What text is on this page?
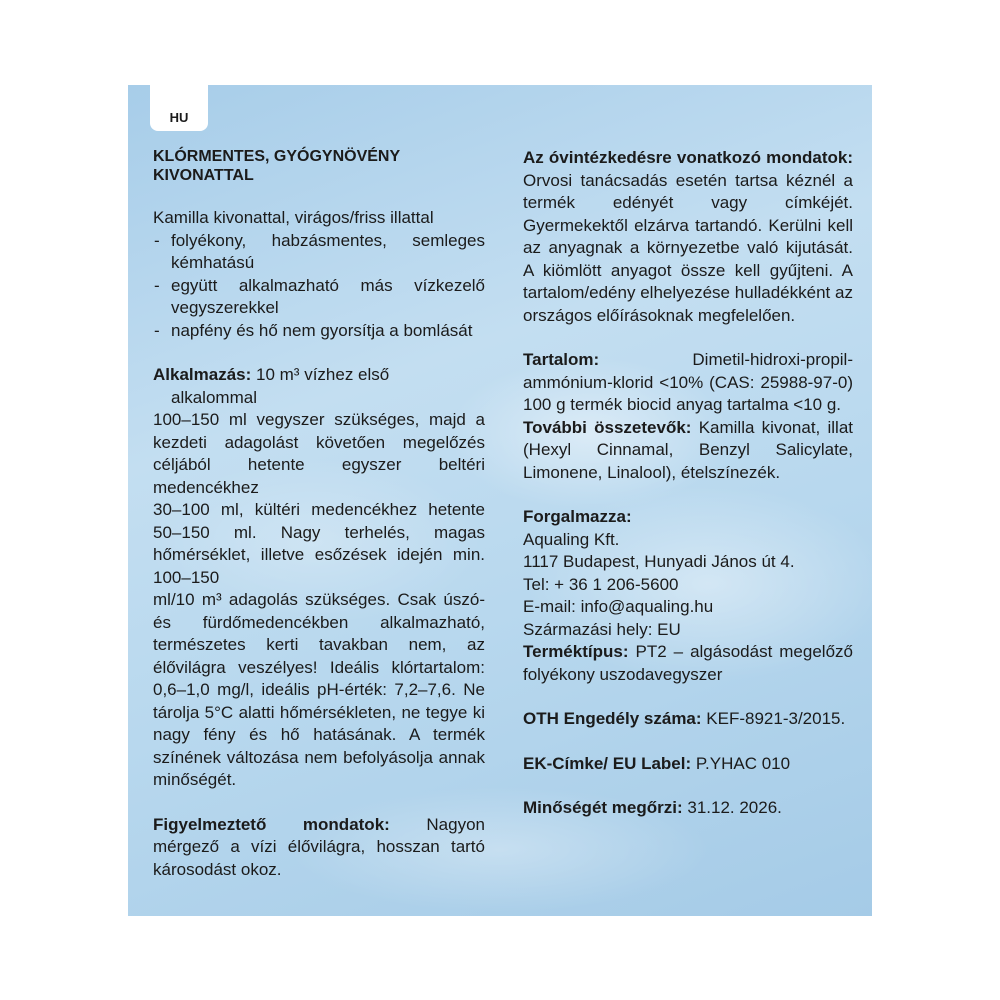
HU
KLÓRMENTES, GYÓGYNÖVÉNY KIVONATTAL

Kamilla kivonattal, virágos/friss illattal

- folyékony, habzásmentes, semleges kémhatású
- együtt alkalmazható más vízkezelő vegyszerekkel
- napfény és hő nem gyorsítja a bomlását

Alkalmazás: 10 m³ vízhez első

alkalommal

100–150 ml vegyszer szükséges, majd a kezdeti adagolást követően megelőzés céljából hetente egyszer beltéri medencékhez

30–100 ml, kültéri medencékhez hetente 50–150 ml. Nagy terhelés, magas hőmérséklet, illetve esőzések idején min. 100–150

ml/10 m³ adagolás szükséges. Csak úszó- és fürdőmedencékben alkalmazható, természetes kerti tavakban nem, az élővilágra veszélyes! Ideális klórtartalom: 0,6–1,0 mg/l, ideális pH-érték: 7,2–7,6. Ne tárolja 5°C alatti hőmérsékleten, ne tegye ki nagy fény és hő hatásának. A termék színének változása nem befolyásolja annak minőségét.

Figyelmeztető mondatok: Nagyon mérgező a vízi élővilágra, hosszan tartó károsodást okoz.

Az óvintézkedésre vonatkozó mondatok: Orvosi tanácsadás esetén tartsa kéznél a termék edényét vagy címkéjét. Gyermekektől elzárva tartandó. Kerülni kell az anyagnak a környezetbe való kijutását. A kiömlött anyagot össze kell gyűjteni. A tartalom/edény elhelyezése hulladékként az országos előírásoknak megfelelően.

Tartalom:	Dimetil-hidroxi-propil-ammónium-klorid <10% (CAS: 25988-97-0) 100 g termék biocid anyag tartalma <10 g.

További összetevők: Kamilla kivonat, illat (Hexyl Cinnamal, Benzyl Salicylate, Limonene, Linalool), ételszínezék.

Forgalmazza:
Aqualing Kft.
1117 Budapest, Hunyadi János út 4.
Tel: + 36 1 206-5600
E-mail: info@aqualing.hu
Származási hely: EU

Terméktípus: PT2 – algásodást megelőző folyékony uszodavegyszer

OTH Engedély száma: KEF-8921-3/2015.

EK-Címke/ EU Label: P.YHAC 010

Minőségét megőrzi: 31.12. 2026.
